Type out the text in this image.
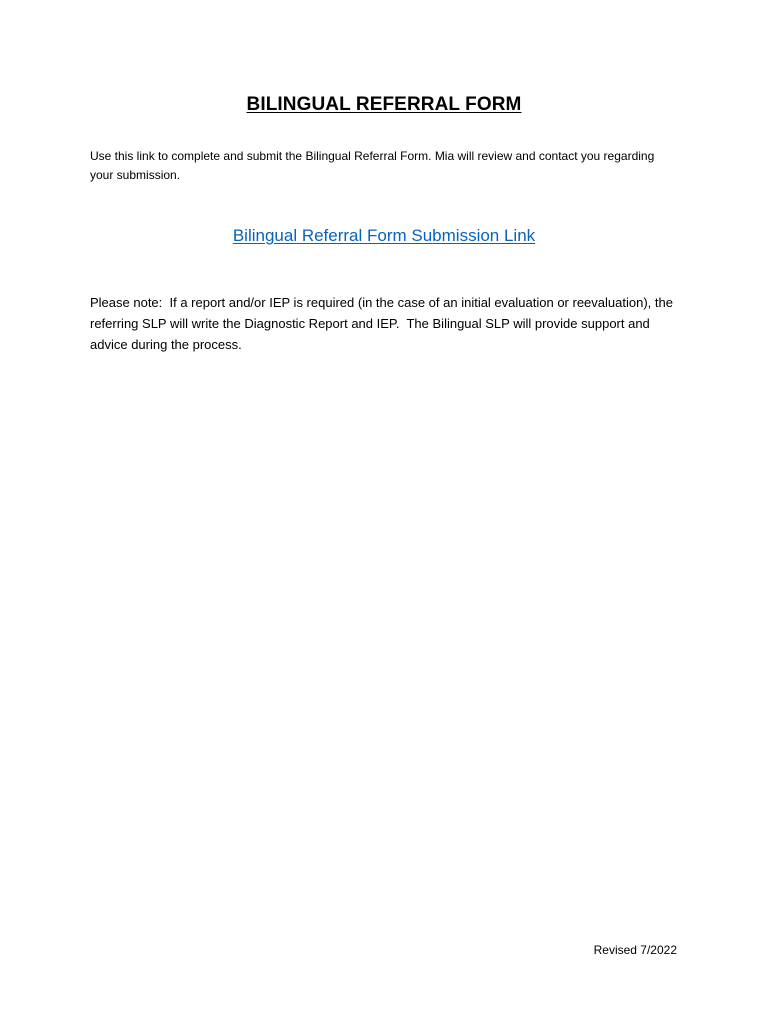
BILINGUAL REFERRAL FORM
Use this link to complete and submit the Bilingual Referral Form. Mia will review and contact you regarding your submission.
Bilingual Referral Form Submission Link
Please note:  If a report and/or IEP is required (in the case of an initial evaluation or reevaluation), the referring SLP will write the Diagnostic Report and IEP.  The Bilingual SLP will provide support and advice during the process.
Revised 7/2022
